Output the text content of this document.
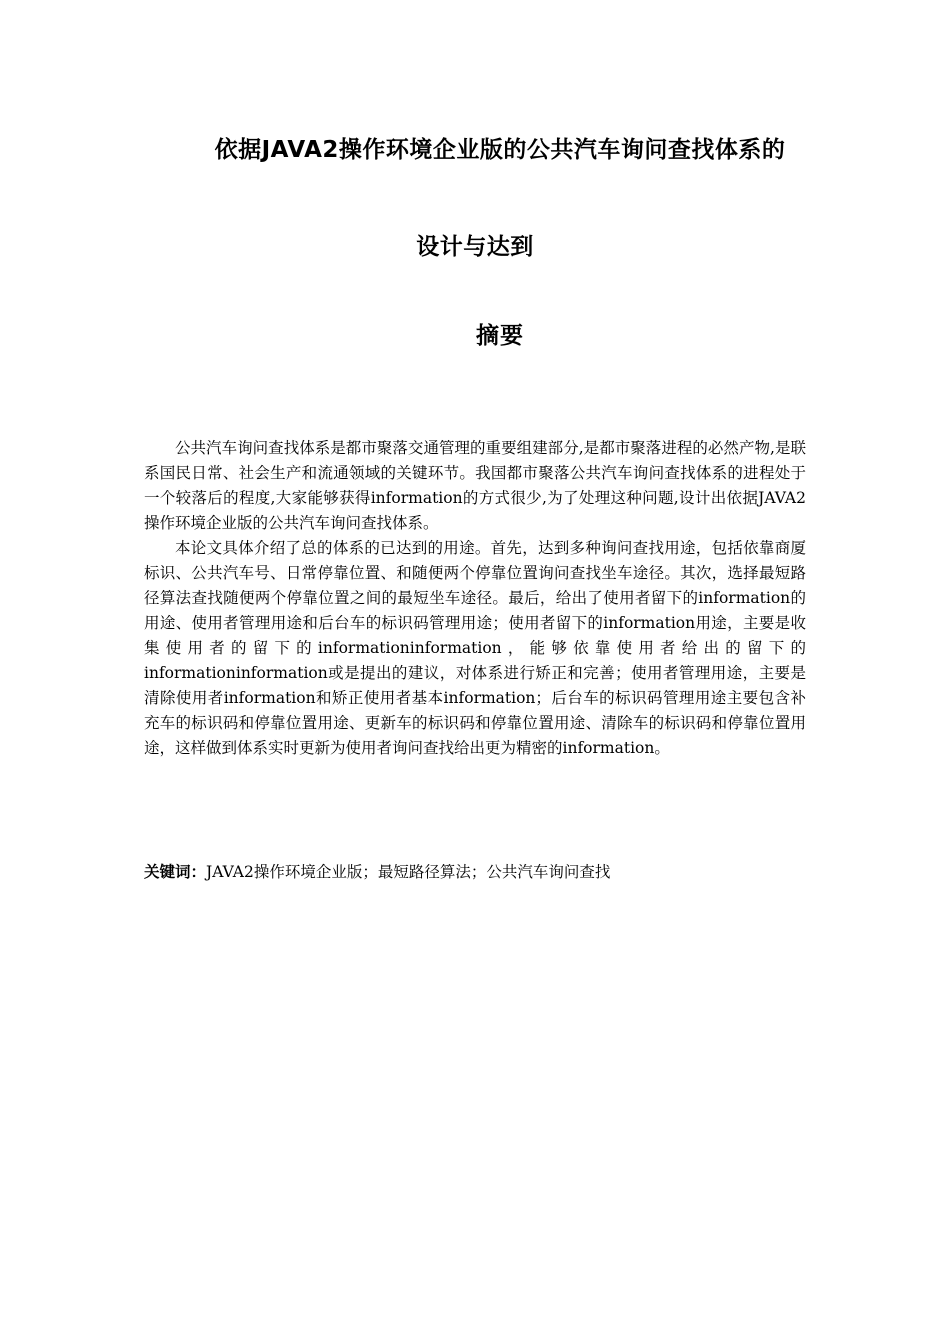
依据JAVA2操作环境企业版的公共汽车询问查找体系的
设计与达到
摘要

公共汽车询问查找体系是都市聚落交通管理的重要组建部分,是都市聚落进程的必然产物,是联系国民日常、社会生产和流通领域的关键环节。我国都市聚落公共汽车询问查找体系的进程处于一个较落后的程度,大家能够获得information的方式很少,为了处理这种问题,设计出依据JAVA2操作环境企业版的公共汽车询问查找体系。

本论文具体介绍了总的体系的已达到的用途。首先，达到多种询问查找用途，包括依靠商厦标识、公共汽车号、日常停靠位置、和随便两个停靠位置询问查找坐车途径。其次，选择最短路径算法查找随便两个停靠位置之间的最短坐车途径。最后，给出了使用者留下的information的用途、使用者管理用途和后台车的标识码管理用途；使用者留下的information用途，主要是收集使用者的留下的informationinformation，能够依靠使用者给出的留下的informationinformation或是提出的建议，对体系进行矫正和完善；使用者管理用途，主要是清除使用者information和矫正使用者基本information；后台车的标识码管理用途主要包含补充车的标识码和停靠位置用途、更新车的标识码和停靠位置用途、清除车的标识码和停靠位置用途，这样做到体系实时更新为使用者询问查找给出更为精密的information。

关键词：JAVA2操作环境企业版；最短路径算法；公共汽车询问查找
